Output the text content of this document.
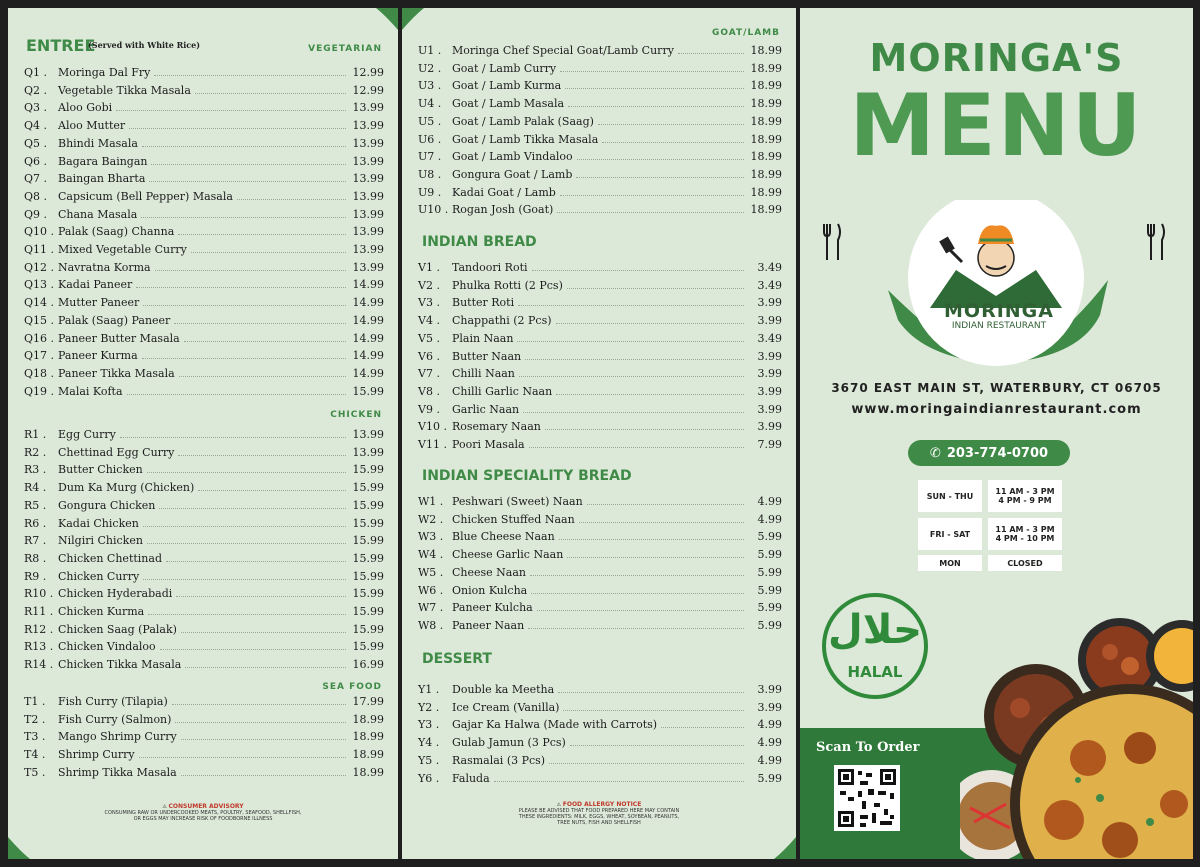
ENTREE
(Served with White Rice)	VEGETARIAN
Q1 . Moringa Dal Fry	12.99
Q2 . Vegetable Tikka Masala	12.99
Q3 . Aloo Gobi	13.99
Q4 . Aloo Mutter	13.99
Q5 . Bhindi Masala	13.99
Q6 . Bagara Baingan	13.99
Q7 . Baingan Bharta	13.99
Q8 . Capsicum (Bell Pepper) Masala	13.99
Q9 . Chana Masala	13.99
Q10 . Palak (Saag) Channa	13.99
Q11 . Mixed Vegetable Curry	13.99
Q12 . Navratna Korma	13.99
Q13 . Kadai Paneer	14.99
Q14 . Mutter Paneer	14.99
Q15 . Palak (Saag) Paneer	14.99
Q16 . Paneer Butter Masala	14.99
Q17 . Paneer Kurma	14.99
Q18 . Paneer Tikka Masala	14.99
Q19 . Malai Kofta	15.99
CHICKEN
R1 .	Egg Curry	13.99
R2 .	Chettinad Egg Curry	13.99
R3 .	Butter Chicken	15.99
R4 .	Dum Ka Murg (Chicken)	15.99
R5 .	Gongura Chicken	15.99
R6 .	Kadai Chicken	15.99
R7 .	Nilgiri Chicken	15.99
R8 .	Chicken Chettinad	15.99
R9 .	Chicken Curry	15.99
R10 . Chicken Hyderabadi	15.99
R11 . Chicken Kurma	15.99
R12 . Chicken Saag (Palak)	15.99
R13 . Chicken Vindaloo	15.99
R14 . Chicken Tikka Masala	16.99
SEA FOOD
T1 .	Fish Curry (Tilapia)	17.99
T2 .	Fish Curry (Salmon)	18.99
T3 .	Mango Shrimp Curry	18.99
T4 .	Shrimp Curry	18.99
T5 .	Shrimp Tikka Masala	18.99
⚠ CONSUMER ADVISORY
CONSUMING RAW OR UNDERCOOKED MEATS, POULTRY, SEAFOOD, SHELLFISH,
OR EGGS MAY INCREASE RISK OF FOODBORNE ILLNESS
GOAT/LAMB
U1 . Moringa Chef Special Goat/Lamb Curry	18.99
U2 . Goat / Lamb Curry	18.99
U3 . Goat / Lamb Kurma	18.99
U4 . Goat / Lamb Masala	18.99
U5 . Goat / Lamb Palak (Saag)	18.99
U6 . Goat / Lamb Tikka Masala	18.99
U7 . Goat / Lamb Vindaloo	18.99
U8 . Gongura Goat / Lamb	18.99
U9 . Kadai Goat / Lamb	18.99
U10 . Rogan Josh (Goat)	18.99
INDIAN BREAD
V1 .	Tandoori Roti	3.49
V2 .	Phulka Rotti (2 Pcs)	3.49
V3 .	Butter Roti	3.99
V4 .	Chappathi (2 Pcs)	3.99
V5 .	Plain Naan	3.49
V6 .	Butter Naan	3.99
V7 .	Chilli Naan	3.99
V8 .	Chilli Garlic Naan	3.99
V9 .	Garlic Naan	3.99
V10 . Rosemary Naan	3.99
V11 . Poori Masala	7.99
INDIAN SPECIALITY BREAD
W1 . Peshwari (Sweet) Naan	4.99
W2 . Chicken Stuffed Naan	4.99
W3 . Blue Cheese Naan	5.99
W4 . Cheese Garlic Naan	5.99
W5 . Cheese Naan	5.99
W6 . Onion Kulcha	5.99
W7 . Paneer Kulcha	5.99
W8 . Paneer Naan	5.99
DESSERT
Y1 .	Double ka Meetha	3.99
Y2 .	Ice Cream (Vanilla)	3.99
Y3 .	Gajar Ka Halwa (Made with Carrots)	4.99
Y4 .	Gulab Jamun (3 Pcs)	4.99
Y5 .	Rasmalai (3 Pcs)	4.99
Y6 .	Faluda	5.99
⚠ FOOD ALLERGY NOTICE
PLEASE BE ADVISED THAT FOOD PREPARED HERE MAY CONTAIN
THESE INGREDIENTS: MILK, EGGS, WHEAT, SOYBEAN, PEANUTS,
TREE NUTS, FISH AND SHELLFISH
MORINGA'S
MENU
MORINGA
INDIAN RESTAURANT
3670 EAST MAIN ST, WATERBURY, CT 06705
www.moringaindianrestaurant.com
✆ 203-774-0700
SUN - THU	11 AM - 3 PM
4 PM - 9 PM
FRI - SAT	11 AM - 3 PM
4 PM - 10 PM
MON	CLOSED
حلال
HALAL
Scan To Order
